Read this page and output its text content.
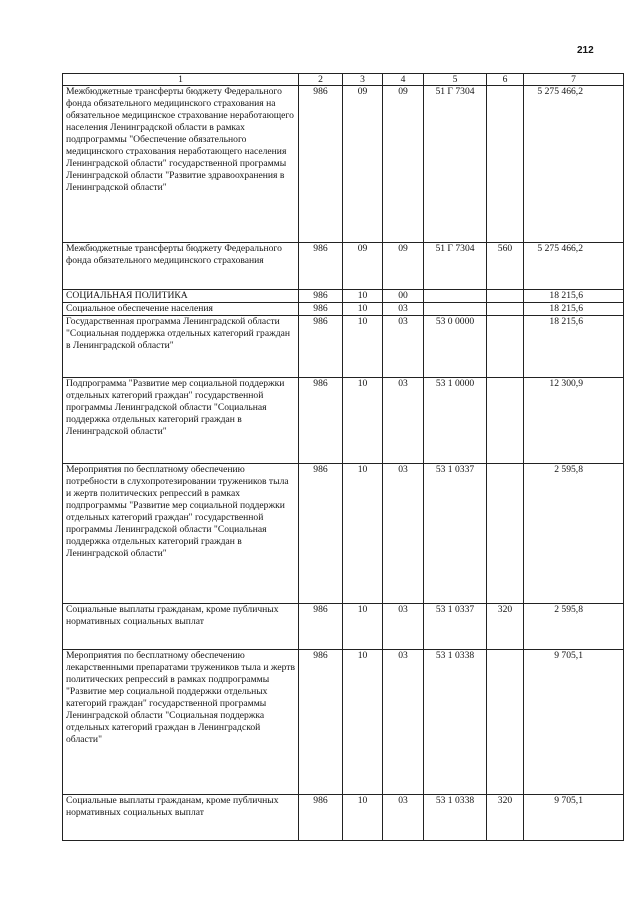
212
1	2	3	4	5	6	7
Межбюджетные трансферты бюджету Федерального фонда обязательного медицинского страхования на обязательное медицинское страхование неработающего населения Ленинградской области в рамках подпрограммы "Обеспечение обязательного медицинского страхования неработающего населения Ленинградской области" государственной программы Ленинградской области "Развитие здравоохранения в Ленинградской области"	986	09	09	51 Г 7304		5 275 466,2
Межбюджетные трансферты бюджету Федерального фонда обязательного медицинского страхования	986	09	09	51 Г 7304	560	5 275 466,2
СОЦИАЛЬНАЯ ПОЛИТИКА	986	10	00			18 215,6
Социальное обеспечение населения	986	10	03			18 215,6
Государственная программа Ленинградской области "Социальная поддержка отдельных категорий граждан в Ленинградской области"	986	10	03	53 0 0000		18 215,6
Подпрограмма "Развитие мер социальной поддержки отдельных категорий граждан" государственной программы Ленинградской области "Социальная поддержка отдельных категорий граждан в Ленинградской области"	986	10	03	53 1 0000		12 300,9
Мероприятия по бесплатному обеспечению потребности в слухопротезировании тружеников тыла и жертв политических репрессий в рамках подпрограммы "Развитие мер социальной поддержки отдельных категорий граждан" государственной программы Ленинградской области "Социальная поддержка отдельных категорий граждан в Ленинградской области"	986	10	03	53 1 0337		2 595,8
Социальные выплаты гражданам, кроме публичных нормативных социальных выплат	986	10	03	53 1 0337	320	2 595,8
Мероприятия по бесплатному обеспечению лекарственными препаратами тружеников тыла и жертв политических репрессий в рамках подпрограммы "Развитие мер социальной поддержки отдельных категорий граждан" государственной программы Ленинградской области "Социальная поддержка отдельных категорий граждан в Ленинградской области"	986	10	03	53 1 0338		9 705,1
Социальные выплаты гражданам, кроме публичных нормативных социальных выплат	986	10	03	53 1 0338	320	9 705,1
